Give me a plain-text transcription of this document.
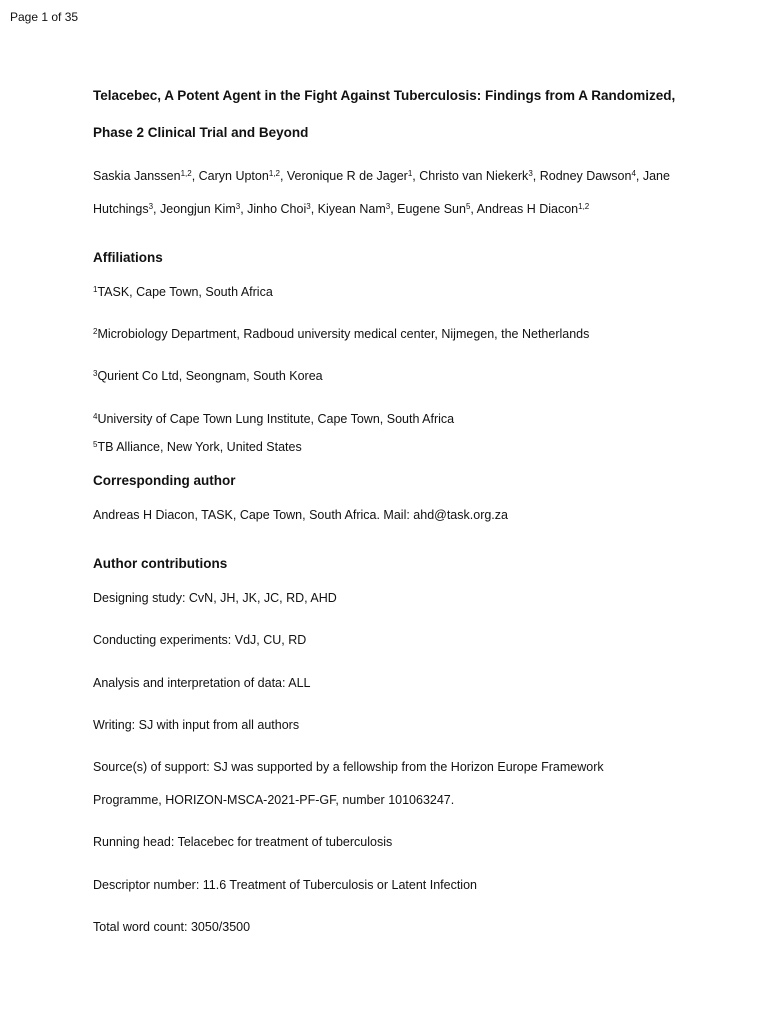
Page 1 of 35
Telacebec, A Potent Agent in the Fight Against Tuberculosis: Findings from A Randomized,
Phase 2 Clinical Trial and Beyond
Saskia Janssen$^{1,2}$, Caryn Upton$^{1,2}$, Veronique R de Jager$^1$, Christo van Niekerk$^3$, Rodney Dawson$^4$, Jane
Hutchings$^3$, Jeongjun Kim$^3$, Jinho Choi$^3$, Kiyean Nam$^3$, Eugene Sun$^5$, Andreas H Diacon$^{1,2}$
Affiliations
$^1$TASK, Cape Town, South Africa
$^2$Microbiology Department, Radboud university medical center, Nijmegen, the Netherlands
$^3$Qurient Co Ltd, Seongnam, South Korea
$^4$University of Cape Town Lung Institute, Cape Town, South Africa
$^5$TB Alliance, New York, United States
Corresponding author
Andreas H Diacon, TASK, Cape Town, South Africa. Mail: ahd@task.org.za
Author contributions
Designing study: CvN, JH, JK, JC, RD, AHD
Conducting experiments: VdJ, CU, RD
Analysis and interpretation of data: ALL
Writing: SJ with input from all authors
Source(s) of support: SJ was supported by a fellowship from the Horizon Europe Framework
Programme, HORIZON-MSCA-2021-PF-GF, number 101063247.
Running head: Telacebec for treatment of tuberculosis
Descriptor number: 11.6 Treatment of Tuberculosis or Latent Infection
Total word count: 3050/3500
